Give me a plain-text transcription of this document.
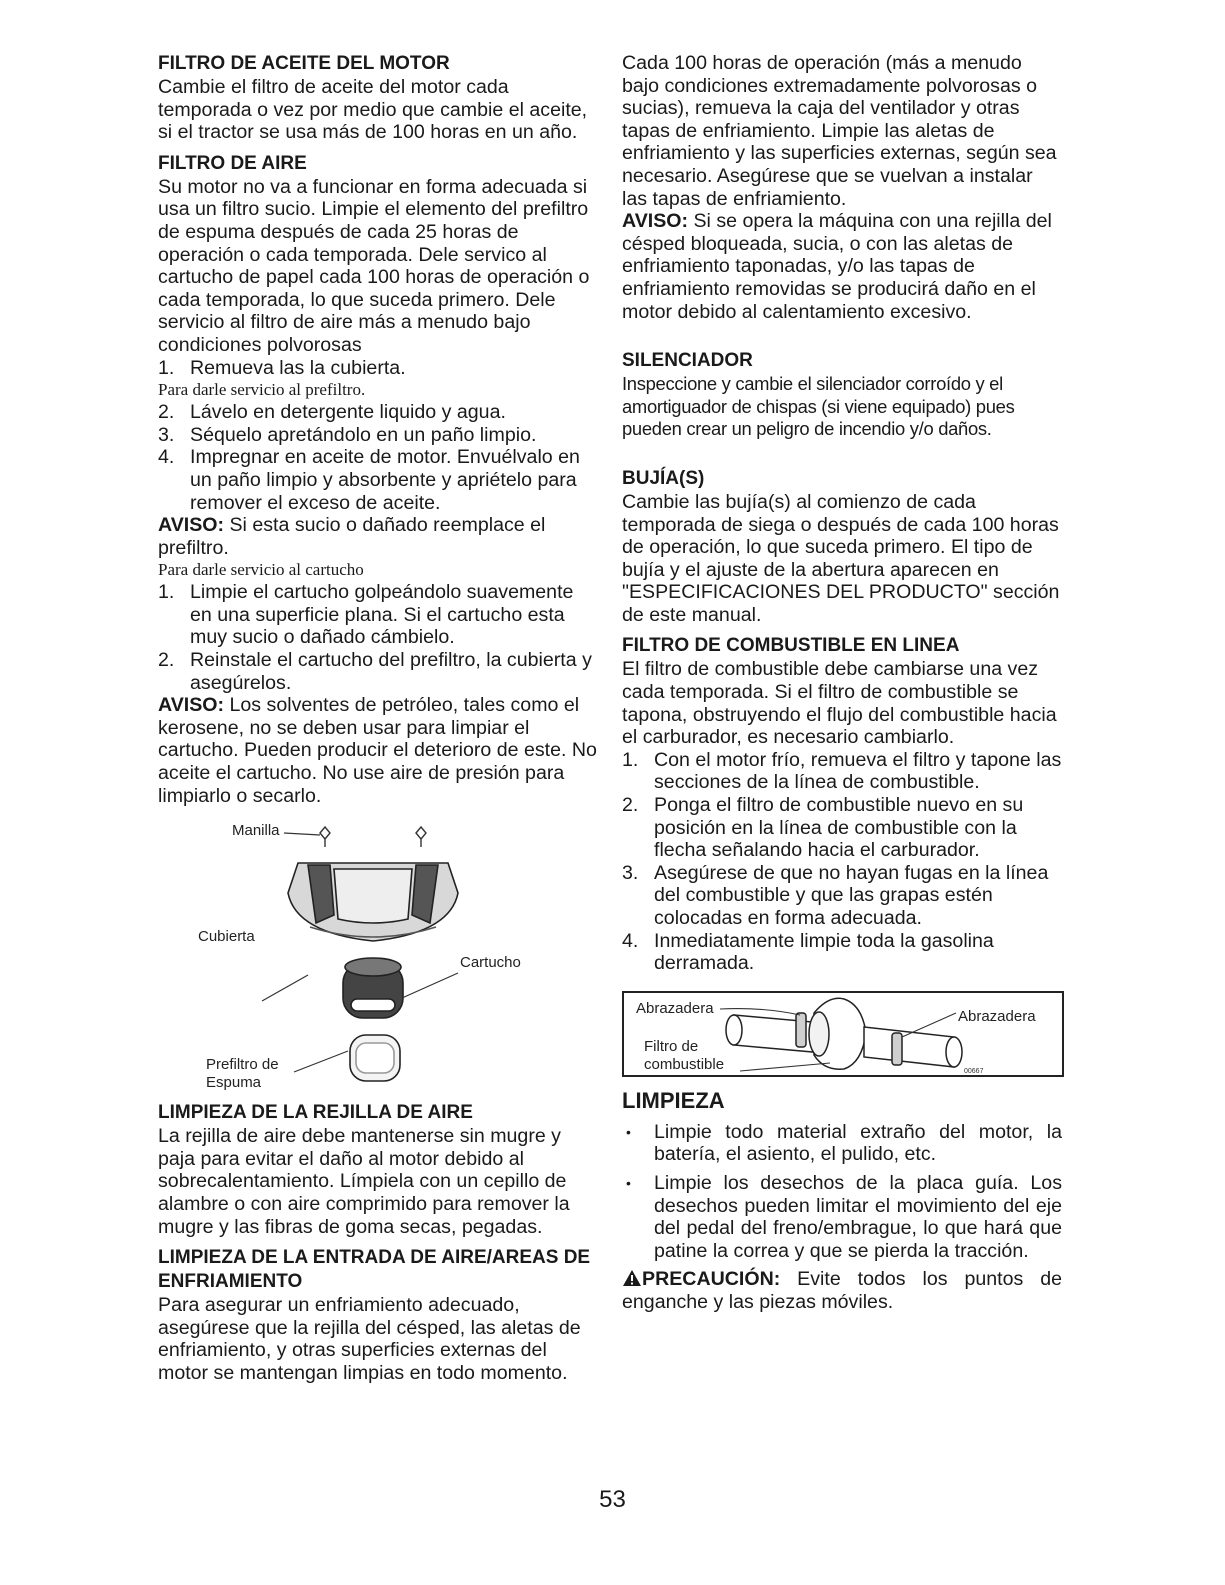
FILTRO DE ACEITE DEL MOTOR

Cambie el filtro de aceite del motor cada temporada o vez por medio que cambie el aceite, si el tractor se usa más de 100 horas en un año.

FILTRO DE AIRE

Su motor no va a funcionar en forma adecuada si usa un filtro sucio. Limpie el elemento del prefiltro de espuma después de cada 25 horas de operación o cada temporada. Dele servico al cartucho de papel cada 100 horas de operación o cada temporada, lo que suceda primero. Dele servicio al filtro de aire más a menudo bajo condiciones polvorosas

1. Remueva las la cubierta.

Para darle servicio al prefiltro.

2. Lávelo en detergente liquido y agua.
3. Séquelo apretándolo en un paño limpio.
4. Impregnar en aceite de motor. Envuélvalo en un paño limpio y absorbente y apriételo para remover el exceso de aceite.

AVISO: Si esta sucio o dañado reemplace el prefiltro.

Para darle servicio al cartucho

1. Limpie el cartucho golpeándolo suavemente en una superficie plana. Si el cartucho esta muy sucio o dañado cámbielo.
2. Reinstale el cartucho del prefiltro, la cubierta y asegúrelos.

AVISO: Los solventes de petróleo, tales como el kerosene, no se deben usar para limpiar el cartucho. Pueden producir el deterioro de este. No aceite el cartucho. No use aire de presión para limpiarlo o secarlo.

Manilla
Cubierta
Cartucho
Prefiltro de
Espuma
LIMPIEZA DE LA REJILLA DE AIRE

La rejilla de aire debe mantenerse sin mugre y paja para evitar el daño al motor debido al sobrecalentamiento. Límpiela con un cepillo de alambre o con aire comprimido para remover la mugre y las fibras de goma secas, pegadas.

LIMPIEZA DE LA ENTRADA DE AIRE/AREAS DE ENFRIAMIENTO

Para asegurar un enfriamiento adecuado, asegúrese que la rejilla del césped, las aletas de enfriamiento, y otras superficies externas del motor se mantengan limpias en todo momento.

Cada 100 horas de operación (más a menudo bajo condiciones extremadamente polvorosas o sucias), remueva la caja del ventilador y otras tapas de enfriamiento. Limpie las aletas de enfriamiento y las superficies externas, según sea necesario. Asegúrese que se vuelvan a instalar las tapas de enfriamiento.

AVISO: Si se opera la máquina con una rejilla del césped bloqueada, sucia, o con las aletas de enfriamiento taponadas, y/o las tapas de enfriamiento removidas se producirá daño en el motor debido al calentamiento excesivo.

SILENCIADOR

Inspeccione y cambie el silenciador corroído y el amortiguador de chispas (si viene equipado) pues pueden crear un peligro de incendio y/o daños.

BUJÍA(S)

Cambie las bujía(s) al comienzo de cada temporada de siega o después de cada 100 horas de operación, lo que suceda primero. El tipo de bujía y el ajuste de la abertura aparecen en "ESPECIFICACIONES DEL PRODUCTO" sección de este manual.

FILTRO DE COMBUSTIBLE EN LINEA

El filtro de combustible debe cambiarse una vez cada temporada. Si el filtro de combustible se tapona, obstruyendo el flujo del combustible hacia el carburador, es necesario cambiarlo.

1. Con el motor frío, remueva el filtro y tapone las secciones de la línea de combustible.
2. Ponga el filtro de combustible nuevo en su posición en la línea de combustible con la flecha señalando hacia el carburador.
3. Asegúrese de que no hayan fugas en la línea del combustible y que las grapas estén colocadas en forma adecuada.
4. Inmediatamente limpie toda la gasolina derramada.
00667
Abrazadera	Abrazadera
Filtro de
combustible
LIMPIEZA
• Limpie todo material extraño del motor, la batería, el asiento, el pulido, etc.
• Limpie los desechos de la placa guía. Los desechos pueden limitar el movimiento del eje del pedal del freno/embrague, lo que hará que patine la correa y que se pierda la tracción.

PRECAUCIÓN: Evite todos los puntos de enganche y las piezas móviles.

53
